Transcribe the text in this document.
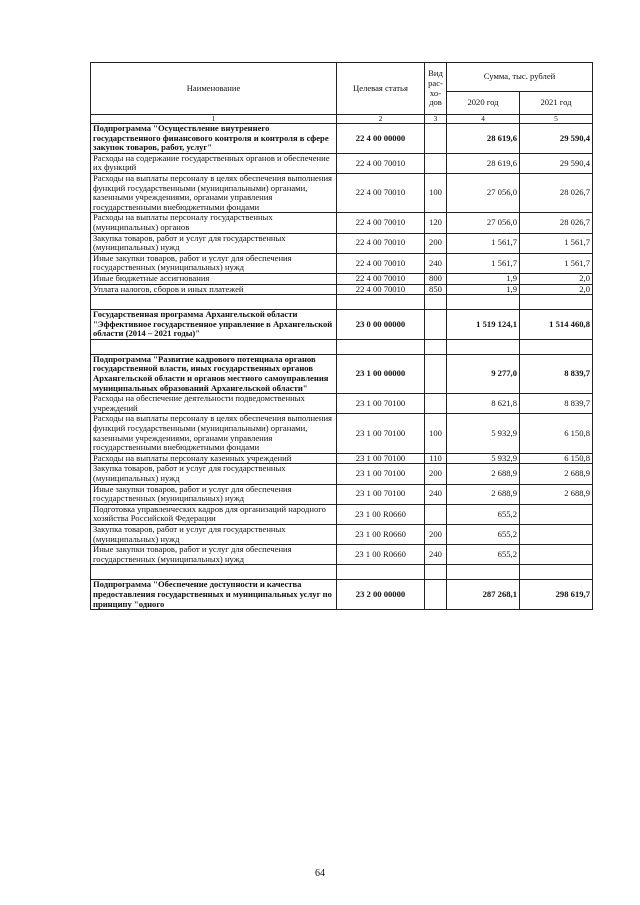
Наименование	Целевая статья	Вид рас-хо-дов	Сумма, тыс. рублей	
			2020 год	2021 год
1	2	3	4	5
Подпрограмма "Осуществление внутреннего государственного финансового контроля и контроля в сфере закупок товаров, работ, услуг"	22 4 00 00000		28 619,6	29 590,4
Расходы на содержание государственных органов и обеспечение их функций	22 4 00 70010		28 619,6	29 590,4
Расходы на выплаты персоналу в целях обеспечения выполнения функций государственными (муниципальными) органами, казенными учреждениями, органами управления государственными внебюджетными фондами	22 4 00 70010	100	27 056,0	28 026,7
Расходы на выплаты персоналу государственных (муниципальных) органов	22 4 00 70010	120	27 056,0	28 026,7
Закупка товаров, работ и услуг для государственных (муниципальных) нужд	22 4 00 70010	200	1 561,7	1 561,7
Иные закупки товаров, работ и услуг для обеспечения государственных (муниципальных) нужд	22 4 00 70010	240	1 561,7	1 561,7
Иные бюджетные ассигнования	22 4 00 70010	800	1,9	2,0
Уплата налогов, сборов и иных платежей	22 4 00 70010	850	1,9	2,0

Государственная программа Архангельской области "Эффективное государственное управление в Архангельской области (2014 – 2021 годы)"	23 0 00 00000		1 519 124,1	1 514 460,8

Подпрограмма "Развитие кадрового потенциала органов государственной власти, иных государственных органов Архангельской области и органов местного самоуправления муниципальных образований Архангельской области"	23 1 00 00000		9 277,0	8 839,7
Расходы на обеспечение деятельности подведомственных учреждений	23 1 00 70100		8 621,8	8 839,7
Расходы на выплаты персоналу в целях обеспечения выполнения функций государственными (муниципальными) органами, казенными учреждениями, органами управления государственными внебюджетными фондами	23 1 00 70100	100	5 932,9	6 150,8
Расходы на выплаты персоналу казенных учреждений	23 1 00 70100	110	5 932,9	6 150,8
Закупка товаров, работ и услуг для государственных (муниципальных) нужд	23 1 00 70100	200	2 688,9	2 688,9
Иные закупки товаров, работ и услуг для обеспечения государственных (муниципальных) нужд	23 1 00 70100	240	2 688,9	2 688,9
Подготовка управленческих кадров для организаций народного хозяйства Российской Федерации	23 1 00 R0660		655,2	
Закупка товаров, работ и услуг для государственных (муниципальных) нужд	23 1 00 R0660	200	655,2	
Иные закупки товаров, работ и услуг для обеспечения государственных (муниципальных) нужд	23 1 00 R0660	240	655,2	

Подпрограмма "Обеспечение доступности и качества предоставления государственных и муниципальных услуг по принципу "одного	23 2 00 00000		287 268,1	298 619,7
64
